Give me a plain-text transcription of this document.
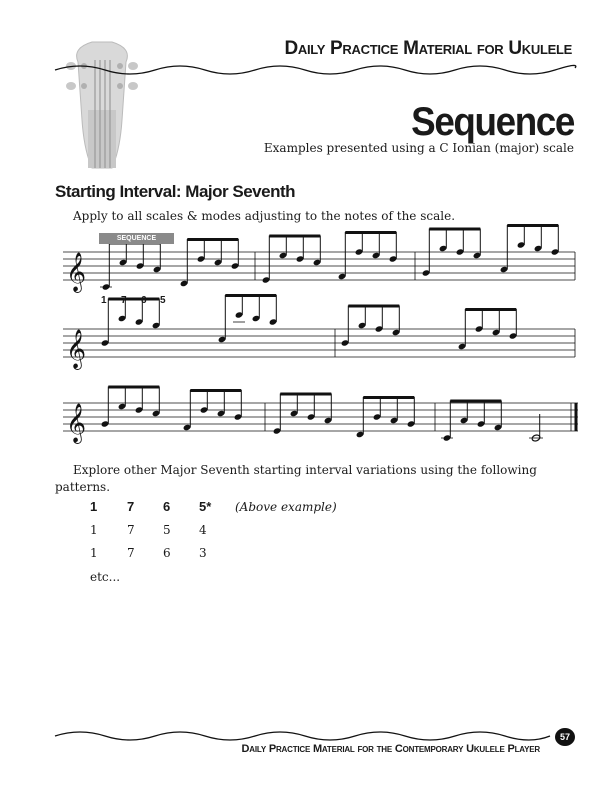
𝄞
𝄞
𝄞
Daily Practice Material for Ukulele
Sequence
Examples presented using a C Ionian (major) scale
Starting Interval: Major Seventh
Apply to all scales & modes adjusting to the notes of the scale.
SEQUENCE
1 7 6 5
Explore other Major Seventh starting interval variations using the following patterns.
1 7 6 5* (Above example)
1 7 5 4
1 7 6 3
etc...
Daily Practice Material for the Contemporary Ukulele Player
57
